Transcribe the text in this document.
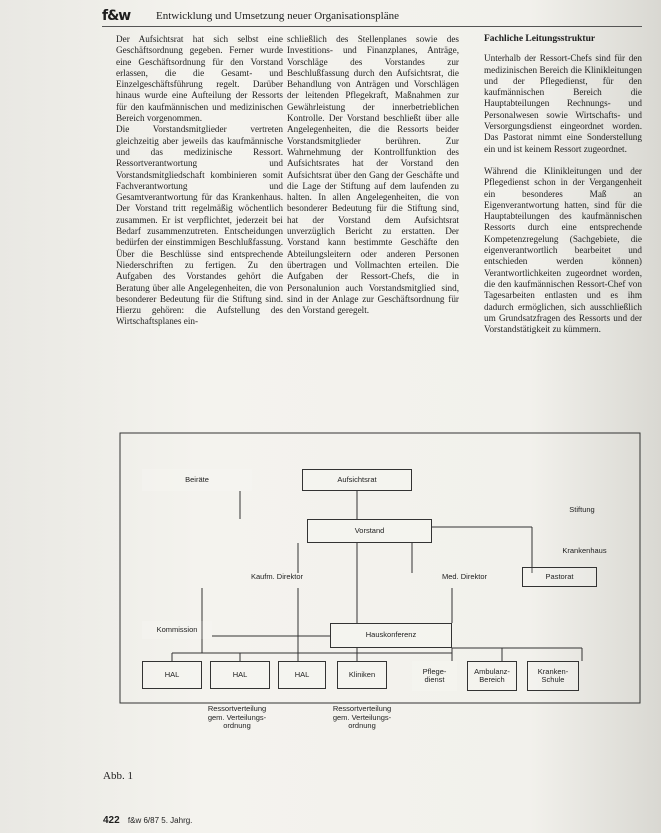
f&w Entwicklung und Umsetzung neuer Organisationspläne

Der Aufsichtsrat hat sich selbst eine Geschäftsordnung gegeben. Ferner wurde eine Geschäftsordnung für den Vorstand erlassen, die die Gesamt- und Einzelgeschäftsführung regelt. Darüber hinaus wurde eine Aufteilung der Ressorts für den kaufmännischen und medizinischen Bereich vorgenommen.

Die Vorstandsmitglieder vertreten gleichzeitig aber jeweils das kaufmännische und das medizinische Ressort. Ressortverantwortung und Vorstandsmitgliedschaft kombinieren somit Fachverantwortung und Gesamtverantwortung für das Krankenhaus. Der Vorstand tritt regelmäßig wöchentlich zusammen. Er ist verpflichtet, jederzeit bei Bedarf zusammenzutreten. Entscheidungen bedürfen der einstimmigen Beschlußfassung. Über die Beschlüsse sind entsprechende Niederschriften zu fertigen. Zu den Aufgaben des Vorstandes gehört die Beratung über alle Angelegenheiten, die von besonderer Bedeutung für die Stiftung sind. Hierzu gehören: die Aufstellung des Wirtschaftsplanes ein-

schließlich des Stellenplanes sowie des Investitions- und Finanzplanes, Anträge, Vorschläge des Vorstandes zur Beschlußfassung durch den Aufsichtsrat, die Behandlung von Anträgen und Vorschlägen der leitenden Pflegekraft, Maßnahmen zur Gewährleistung der innerbetrieblichen Kontrolle. Der Vorstand beschließt über alle Angelegenheiten, die die Ressorts beider Vorstandsmitglieder berühren. Zur Wahrnehmung der Kontrollfunktion des Aufsichtsrates hat der Vorstand den Aufsichtsrat über den Gang der Geschäfte und die Lage der Stiftung auf dem laufenden zu halten. In allen Angelegenheiten, die von besonderer Bedeutung für die Stiftung sind, hat der Vorstand dem Aufsichtsrat unverzüglich Bericht zu erstatten. Der Vorstand kann bestimmte Geschäfte den Abteilungsleitern oder anderen Personen übertragen und Vollmachten erteilen. Die Aufgaben der Ressort-Chefs, die in Personalunion auch Vorstandsmitglied sind, sind in der Anlage zur Geschäftsordnung für den Vorstand geregelt.

Fachliche Leitungsstruktur

Unterhalb der Ressort-Chefs sind für den medizinischen Bereich die Klinikleitungen und der Pflegedienst, für den kaufmännischen Bereich die Hauptabteilungen Rechnungs- und Personalwesen sowie Wirtschafts- und Versorgungsdienst eingeordnet worden. Das Pastorat nimmt eine Sonderstellung ein und ist keinem Ressort zugeordnet.

Während die Klinikleitungen und der Pflegedienst schon in der Vergangenheit ein besonderes Maß an Eigenverantwortung hatten, sind für die Hauptabteilungen des kaufmännischen Ressorts durch eine entsprechende Kompetenzregelung (Sachgebiete, die eigenverantwortlich bearbeitet und entschieden werden können) Verantwortlichkeiten zugeordnet worden, die den kaufmännischen Ressort-Chef von Tagesarbeiten entlasten und es ihm dadurch ermöglichen, sich ausschließlich um Grundsatzfragen des Ressorts und der Vorstandstätigkeit zu kümmern.

Beiräte	Aufsichtsrat
Stiftung
Vorstand
Krankenhaus
Kaufm. Direktor	Med. Direktor	Pastorat
Kommission
Hauskonferenz
HAL	HAL	HAL	Kliniken	Pflege-
dienst
Ambulanz-
Bereich
Kranken-
Schule
Ressortverteilung
gem. Verteilungs-
ordnung
Ressortverteilung
gem. Verteilungs-
ordnung
Abb. 1
422 f&w 6/87 5. Jahrg.
